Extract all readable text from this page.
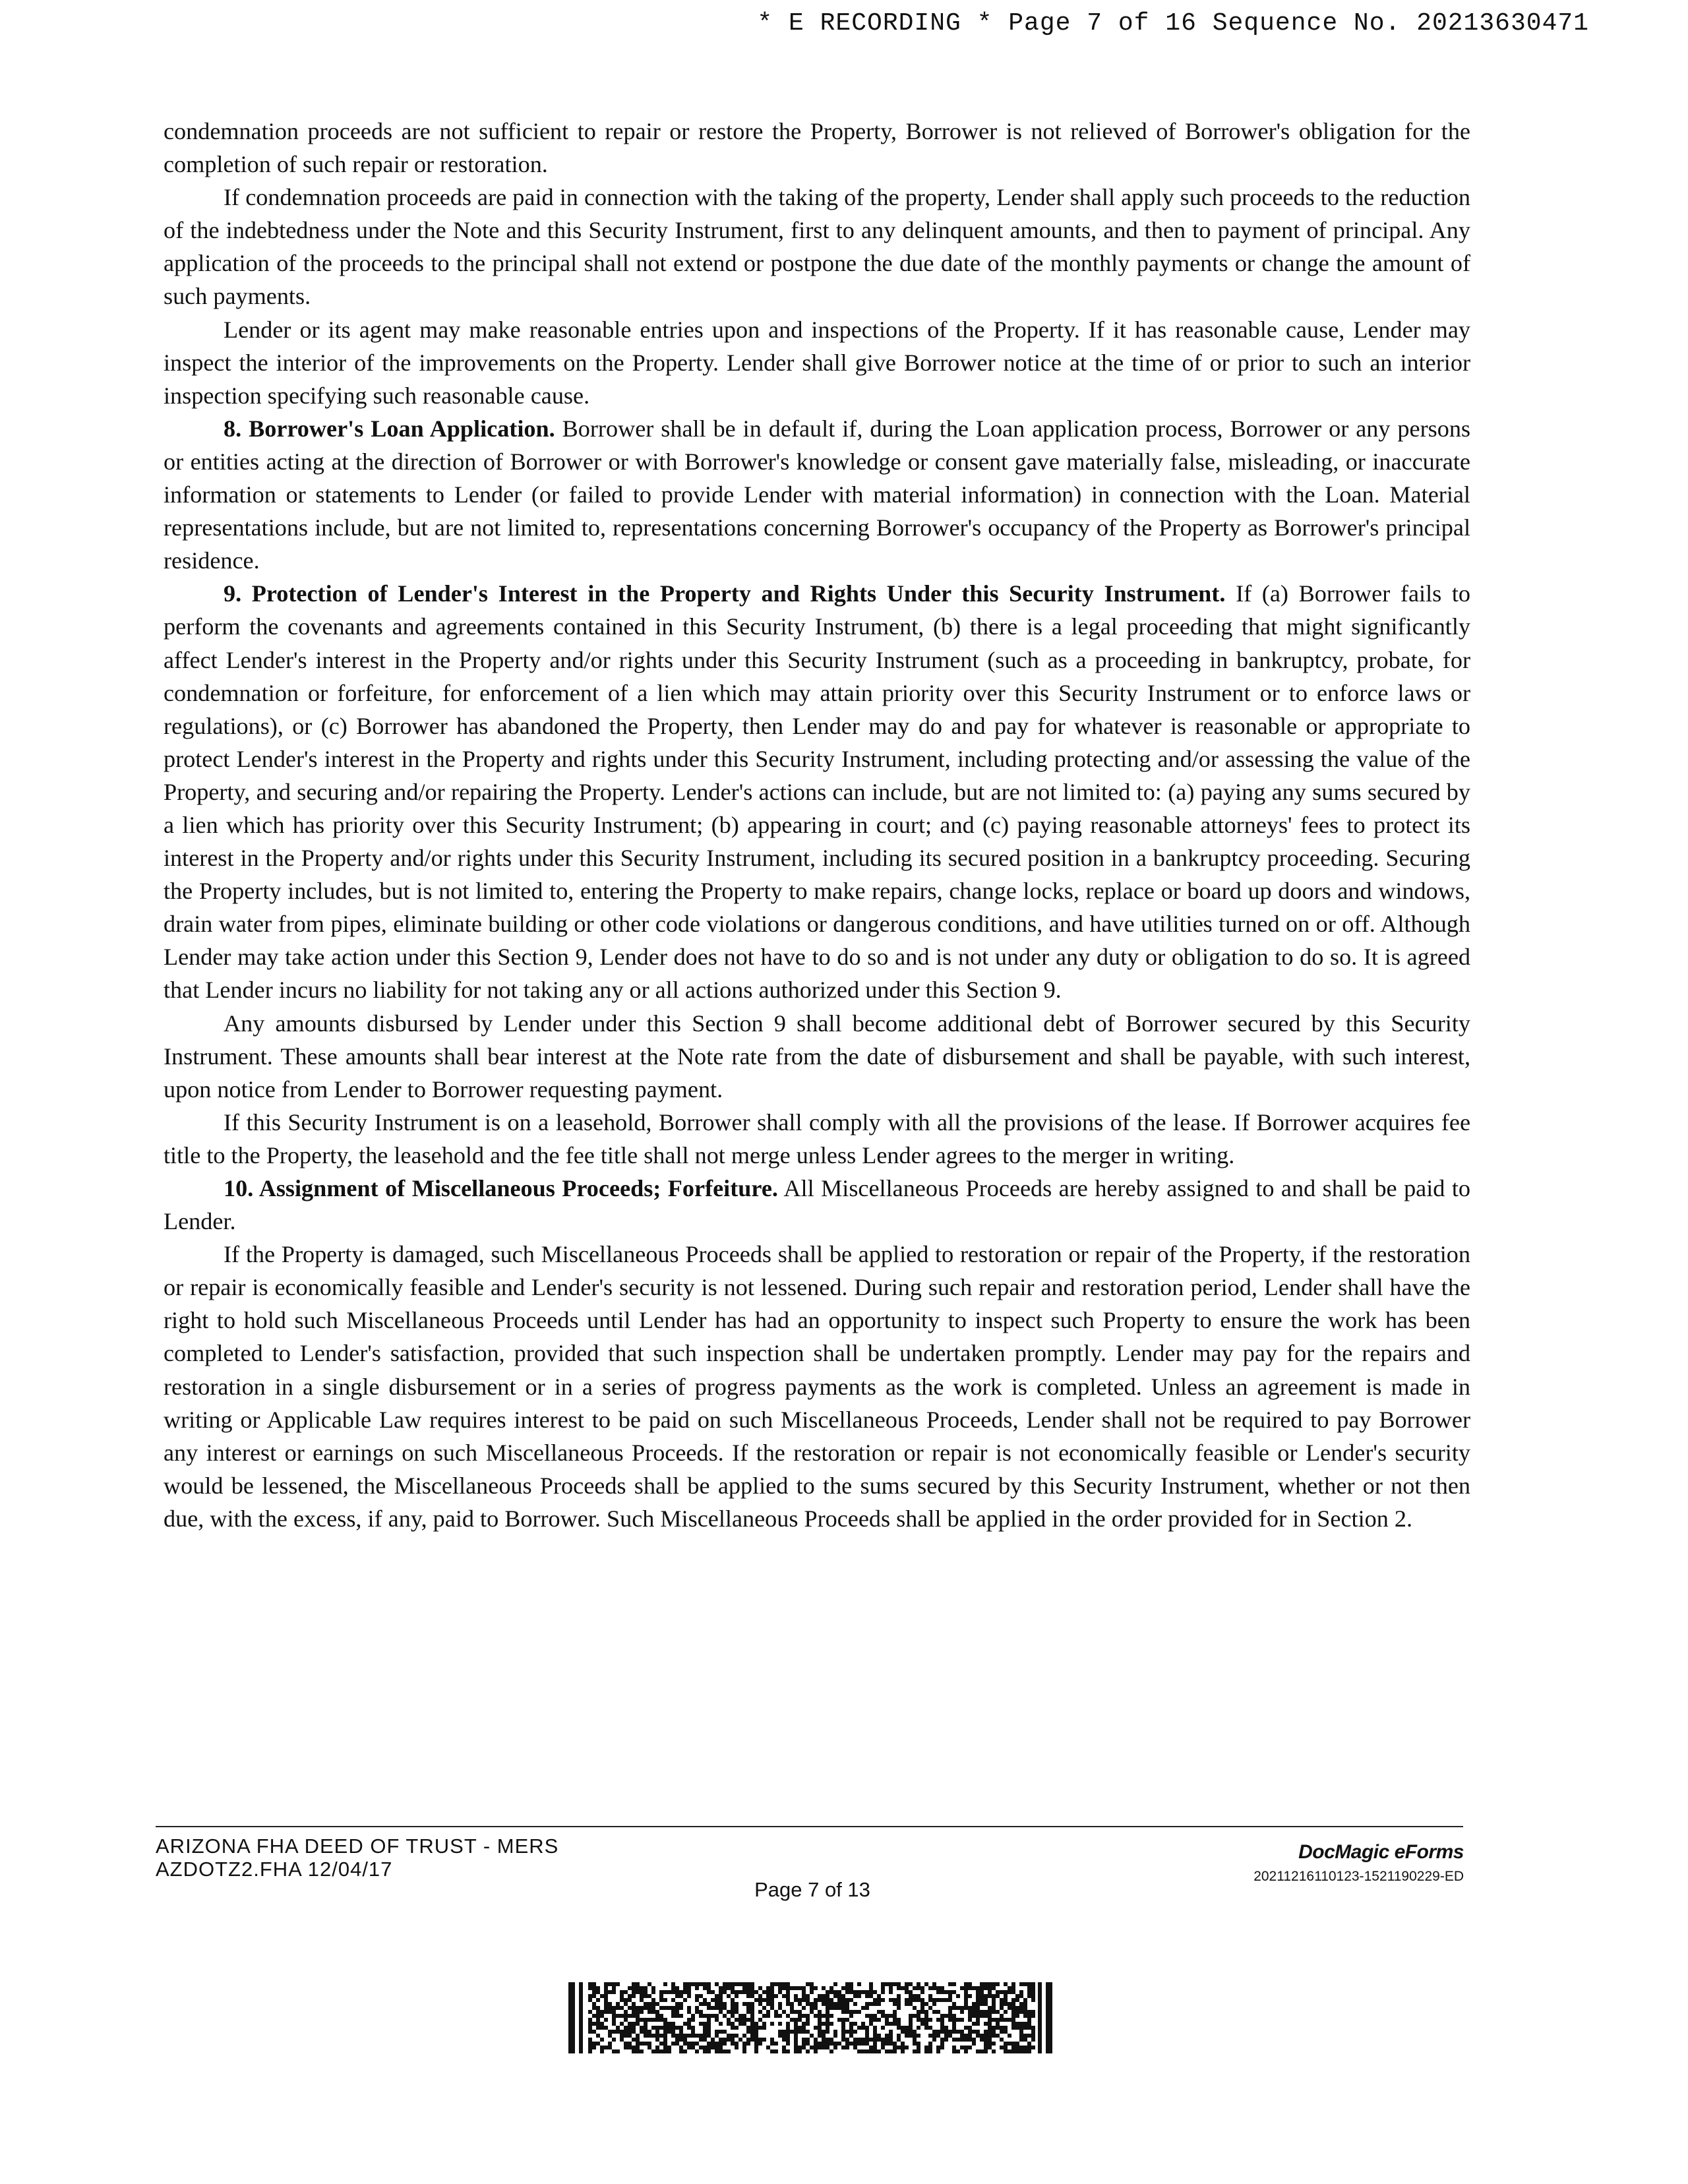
* E RECORDING * Page 7 of 16 Sequence No. 20213630471

condemnation proceeds are not sufficient to repair or restore the Property, Borrower is not relieved of Borrower's obligation for the completion of such repair or restoration.

If condemnation proceeds are paid in connection with the taking of the property, Lender shall apply such proceeds to the reduction of the indebtedness under the Note and this Security Instrument, first to any delinquent amounts, and then to payment of principal. Any application of the proceeds to the principal shall not extend or postpone the due date of the monthly payments or change the amount of such payments.

Lender or its agent may make reasonable entries upon and inspections of the Property. If it has reasonable cause, Lender may inspect the interior of the improvements on the Property. Lender shall give Borrower notice at the time of or prior to such an interior inspection specifying such reasonable cause.

8. Borrower's Loan Application. Borrower shall be in default if, during the Loan application process, Borrower or any persons or entities acting at the direction of Borrower or with Borrower's knowledge or consent gave materially false, misleading, or inaccurate information or statements to Lender (or failed to provide Lender with material information) in connection with the Loan. Material representations include, but are not limited to, representations concerning Borrower's occupancy of the Property as Borrower's principal residence.

9. Protection of Lender's Interest in the Property and Rights Under this Security Instrument. If (a) Borrower fails to perform the covenants and agreements contained in this Security Instrument, (b) there is a legal proceeding that might significantly affect Lender's interest in the Property and/or rights under this Security Instrument (such as a proceeding in bankruptcy, probate, for condemnation or forfeiture, for enforcement of a lien which may attain priority over this Security Instrument or to enforce laws or regulations), or (c) Borrower has abandoned the Property, then Lender may do and pay for whatever is reasonable or appropriate to protect Lender's interest in the Property and rights under this Security Instrument, including protecting and/or assessing the value of the Property, and securing and/or repairing the Property. Lender's actions can include, but are not limited to: (a) paying any sums secured by a lien which has priority over this Security Instrument; (b) appearing in court; and (c) paying reasonable attorneys' fees to protect its interest in the Property and/or rights under this Security Instrument, including its secured position in a bankruptcy proceeding. Securing the Property includes, but is not limited to, entering the Property to make repairs, change locks, replace or board up doors and windows, drain water from pipes, eliminate building or other code violations or dangerous conditions, and have utilities turned on or off. Although Lender may take action under this Section 9, Lender does not have to do so and is not under any duty or obligation to do so. It is agreed that Lender incurs no liability for not taking any or all actions authorized under this Section 9.

Any amounts disbursed by Lender under this Section 9 shall become additional debt of Borrower secured by this Security Instrument. These amounts shall bear interest at the Note rate from the date of disbursement and shall be payable, with such interest, upon notice from Lender to Borrower requesting payment.

If this Security Instrument is on a leasehold, Borrower shall comply with all the provisions of the lease. If Borrower acquires fee title to the Property, the leasehold and the fee title shall not merge unless Lender agrees to the merger in writing.

10. Assignment of Miscellaneous Proceeds; Forfeiture. All Miscellaneous Proceeds are hereby assigned to and shall be paid to Lender.

If the Property is damaged, such Miscellaneous Proceeds shall be applied to restoration or repair of the Property, if the restoration or repair is economically feasible and Lender's security is not lessened. During such repair and restoration period, Lender shall have the right to hold such Miscellaneous Proceeds until Lender has had an opportunity to inspect such Property to ensure the work has been completed to Lender's satisfaction, provided that such inspection shall be undertaken promptly. Lender may pay for the repairs and restoration in a single disbursement or in a series of progress payments as the work is completed. Unless an agreement is made in writing or Applicable Law requires interest to be paid on such Miscellaneous Proceeds, Lender shall not be required to pay Borrower any interest or earnings on such Miscellaneous Proceeds. If the restoration or repair is not economically feasible or Lender's security would be lessened, the Miscellaneous Proceeds shall be applied to the sums secured by this Security Instrument, whether or not then due, with the excess, if any, paid to Borrower. Such Miscellaneous Proceeds shall be applied in the order provided for in Section 2.

ARIZONA FHA DEED OF TRUST - MERS
AZDOTZ2.FHA 12/04/17
Page 7 of 13
DocMagic eForms
20211216110123-1521190229-ED
